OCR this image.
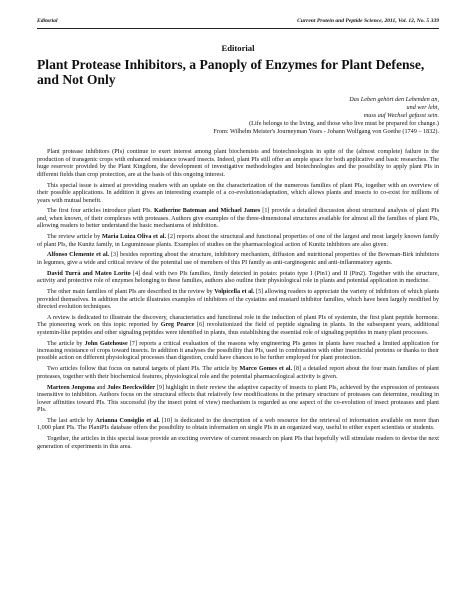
Editorial	Current Protein and Peptide Science, 2011, Vol. 12, No. 5 339
Editorial
Plant Protease Inhibitors, a Panoply of Enzymes for Plant Defense, and Not Only
Das Leben gehört den Lebenden an,
und wer lebt,
muss auf Wechsel gefasst sein.
(Life belongs to the living, and those who live must be prepared for change.)
From: Wilhelm Meister's Journeyman Years - Johann Wolfgang von Goethe (1749 – 1832).

Plant protease inhibitors (PIs) continue to exert interest among plant biochemists and biotechnologists in spite of the (almost complete) failure in the production of transgenic crops with enhanced resistance toward insects. Indeed, plant PIs still offer an ample space for both applicative and basic researches. The huge reservoir provided by the Plant Kingdom, the development of investigative methodologies and biotechnologies and the possibility to apply plant PIs in different fields than crop protection, are at the basis of this ongoing interest.

This special issue is aimed at providing readers with an update on the characterization of the numerous families of plant PIs, together with an overview of their possible applications. In addition it gives an interesting example of a co-evolution/adaptation, which allows plants and insects to co-exist for millions of years with mutual benefit.

The first four articles introduce plant PIs. Katherine Bateman and Michael James [1] provide a detailed discussion about structural analysis of plant PIs and, when known, of their complexes with proteases. Authors give examples of the three-dimensional structures available for almost all the families of plant PIs, allowing readers to better understand the basic mechanisms of inhibition.

The review article by Maria Luiza Oliva et al. [2] reports about the structural and functional properties of one of the largest and most largely known family of plant PIs, the Kunitz family, in Leguminosae plants. Examples of studies on the pharmacological action of Kunitz inhibitors are also given.

Alfonso Clemente et al. [3] besides reporting about the structure, inhibitory mechanism, diffusion and nutritional properties of the Bowman-Birk inhibitors in legumes, give a wide and critical review of the potential use of members of this PI family as anti-carginogenic and anti-inflammatory agents.

David Turrà and Mateo Lorito [4] deal with two PIs families, firstly detected in potato: potato type I (Pin1) and II (Pin2). Together with the structure, activity and protective role of enzymes belonging to these families, authors also outline their physiological role in plants and potential application in medicine.

The other main families of plant PIs are described in the review by Volpicella et al. [5] allowing readers to appreciate the variety of inhibitors of which plants provided themselves. In addition the article illustrates examples of inhibitors of the cystatins and mustard inhibitor families, which have been largely modified by directed evolution techniques.

A review is dedicated to illustrate the discovery, characteristics and functional role in the induction of plant PIs of systemin, the first plant peptide hormone. The pioneering work on this topic reported by Greg Pearce [6] revolutionized the field of peptide signaling in plants. In the subsequent years, additional systemin-like peptides and other signaling peptides were identified in plants, thus establishing the essential role of signaling peptides in many plant processes.

The article by John Gatehouse [7] reports a critical evaluation of the reasons why engineering PIs genes in plants have reached a limited application for increasing resistance of crops toward insects. In addition it analyses the possibility that PIs, used in combination with other insecticidal proteins or thanks to their possible action on different physiological processes than digestion, could have chances to be further employed for plant protection.

Two articles follow that focus on natural targets of plant PIs. The article by Marco Gomes et al. [8] a detailed report about the four main families of plant proteases, together with their biochemical features, physiological role and the potential pharmacological activity is given.

Marteen Jongsma and Jules Beeckwilder [9] highlight in their review the adaptive capacity of insects to plant PIs, achieved by the expression of proteases insensitive to inhibition. Authors focus on the structural effects that relatively few modifications in the primary structure of proteases can determine, resulting in lower affinities toward PIs. This successful (by the insect point of view) mechanism is regarded as one aspect of the co-evolution of insect proteases and plant PIs.

The last article by Arianna Consiglio et al. [10] is dedicated to the description of a web resource for the retrieval of information available on more than 1,000 plant PIs. The PlantPIs database offers the possibility to obtain information on single PIs in an organized way, useful to either expert scientists or students.

Together, the articles in this special issue provide an exciting overview of current research on plant PIs that hopefully will stimulate readers to devise the next generation of experiments in this area.
